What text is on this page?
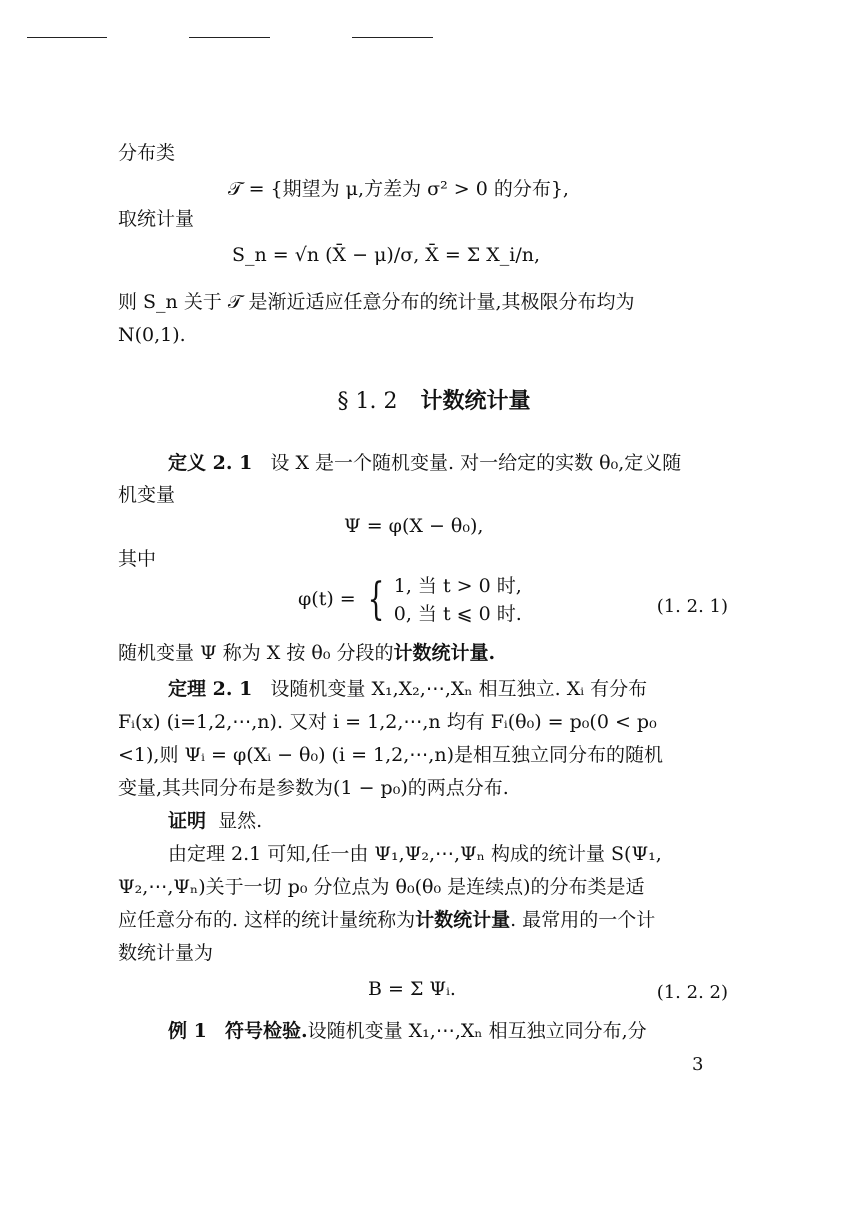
分布类
𝒯 = {期望为 μ,方差为 σ² > 0 的分布},
取统计量
S_n = √n (X̄ − μ)/σ, X̄ = Σ X_i/n,
则 S_n 关于 𝒯 是渐近适应任意分布的统计量,其极限分布均为
N(0,1).
§ 1. 2 计数统计量
定义 2. 1 设 X 是一个随机变量. 对一给定的实数 θ₀,定义随
机变量
Ψ = φ(X − θ₀),
其中
φ(t) = { 1, 当 t > 0 时,
0, 当 t ⩽ 0 时.	(1. 2. 1)
随机变量 Ψ 称为 X 按 θ₀ 分段的计数统计量.
定理 2. 1 设随机变量 X₁,X₂,⋯,Xₙ 相互独立. Xᵢ 有分布
Fᵢ(x) (i=1,2,⋯,n). 又对 i = 1,2,⋯,n 均有 Fᵢ(θ₀) = p₀(0 < p₀
<1),则 Ψᵢ = φ(Xᵢ − θ₀) (i = 1,2,⋯,n)是相互独立同分布的随机
变量,其共同分布是参数为(1 − p₀)的两点分布.
证明 显然.
由定理 2.1 可知,任一由 Ψ₁,Ψ₂,⋯,Ψₙ 构成的统计量 S(Ψ₁,
Ψ₂,⋯,Ψₙ)关于一切 p₀ 分位点为 θ₀(θ₀ 是连续点)的分布类是适
应任意分布的. 这样的统计量统称为计数统计量. 最常用的一个计
数统计量为
B = Σ Ψᵢ.	(1. 2. 2)
例 1 符号检验.设随机变量 X₁,⋯,Xₙ 相互独立同分布,分
3
